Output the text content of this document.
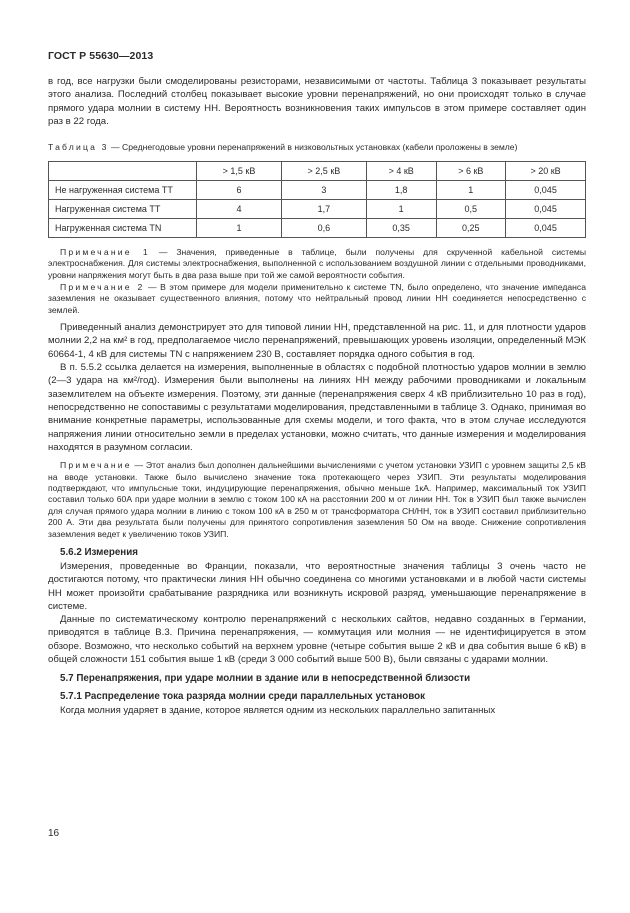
ГОСТ Р 55630—2013

в год, все нагрузки были смоделированы резисторами, независимыми от частоты. Таблица 3 показывает результаты этого анализа. Последний столбец показывает высокие уровни перенапряжений, но они происходят только в случае прямого удара молнии в систему НН. Вероятность возникновения таких импульсов в этом примере составляет один раз в 22 года.

Таблица 3 — Среднегодовые уровни перенапряжений в низковольтных установках (кабели проложены в земле)

	> 1,5 кВ	> 2,5 кВ	> 4 кВ	> 6 кВ	> 20 кВ
Не нагруженная система ТТ	6	3	1,8	1	0,045
Нагруженная система ТТ	4	1,7	1	0,5	0,045
Нагруженная система TN	1	0,6	0,35	0,25	0,045

Примечание 1 — Значения, приведенные в таблице, были получены для скрученной кабельной системы электроснабжения. Для системы электроснабжения, выполненной с использованием воздушной линии с отдельными проводниками, уровни напряжения могут быть в два раза выше при той же самой вероятности события.

Примечание 2 — В этом примере для модели применительно к системе TN, было определено, что значение импеданса заземления не оказывает существенного влияния, потому что нейтральный провод линии НН соединяется непосредственно с землей.

Приведенный анализ демонстрирует это для типовой линии НН, представленной на рис. 11, и для плотности ударов молнии 2,2 на км² в год, предполагаемое число перенапряжений, превышающих уровень изоляции, определенный МЭК 60664-1, 4 кВ для системы TN с напряжением 230 В, составляет порядка одного события в год.

В п. 5.5.2 ссылка делается на измерения, выполненные в областях с подобной плотностью ударов молнии в землю (2—3 удара на км²/год). Измерения были выполнены на линиях НН между рабочими проводниками и локальным заземлителем на объекте измерения. Поэтому, эти данные (перенапряжения сверх 4 кВ приблизительно 10 раз в год), непосредственно не сопоставимы с результатами моделирования, представленными в таблице 3. Однако, принимая во внимание конкретные параметры, использованные для схемы модели, и того факта, что в этом случае исследуются напряжения линии относительно земли в пределах установки, можно считать, что данные измерения и моделирования находятся в разумном согласии.

Примечание — Этот анализ был дополнен дальнейшими вычислениями с учетом установки УЗИП с уровнем защиты 2,5 кВ на вводе установки. Также было вычислено значение тока протекающего через УЗИП. Эти результаты моделирования подтверждают, что импульсные токи, индуцирующие перенапряжения, обычно меньше 1кА. Например, максимальный ток УЗИП составил только 60А при ударе молнии в землю с током 100 кА на расстоянии 200 м от линии НН. Ток в УЗИП был также вычислен для случая прямого удара молнии в линию с током 100 кА в 250 м от трансформатора СН/НН, ток в УЗИП составил приблизительно 200 А. Эти два результата были получены для принятого сопротивления заземления 50 Ом на вводе. Снижение сопротивления заземления ведет к увеличению токов УЗИП.

5.6.2 Измерения

Измерения, проведенные во Франции, показали, что вероятностные значения таблицы 3 очень часто не достигаются потому, что практически линия НН обычно соединена со многими установками и в любой части системы НН может произойти срабатывание разрядника или возникнуть искровой разряд, уменьшающие перенапряжение в системе.

Данные по систематическому контролю перенапряжений с нескольких сайтов, недавно созданных в Германии, приводятся в таблице В.3. Причина перенапряжения, — коммутация или молния — не идентифицируется в этом обзоре. Возможно, что несколько событий на верхнем уровне (четыре события выше 2 кВ и два события выше 6 кВ) в общей сложности 151 события выше 1 кВ (среди 3 000 событий выше 500 В), были связаны с ударами молнии.

5.7 Перенапряжения, при ударе молнии в здание или в непосредственной близости
5.7.1 Распределение тока разряда молнии среди параллельных установок

Когда молния ударяет в здание, которое является одним из нескольких параллельно запитанных

16
